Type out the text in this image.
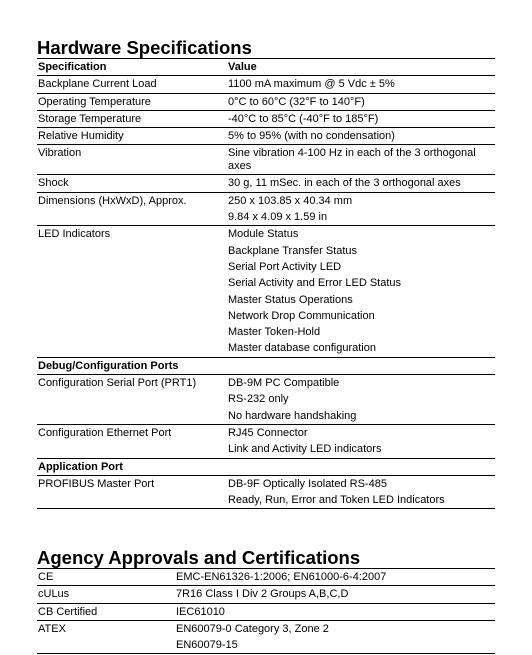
Hardware Specifications
Specification	Value
Backplane Current Load	1100 mA maximum @ 5 Vdc ± 5%
Operating Temperature	0°C to 60°C (32°F to 140°F)
Storage Temperature	-40°C to 85°C (-40°F to 185°F)
Relative Humidity	5% to 95% (with no condensation)
Vibration	Sine vibration 4-100 Hz in each of the 3 orthogonal axes
Shock	30 g, 11 mSec. in each of the 3 orthogonal axes
Dimensions (HxWxD), Approx.	250 x 103.85 x 40.34 mm
9.84 x 4.09 x 1.59 in
LED Indicators	Module Status
Backplane Transfer Status
Serial Port Activity LED
Serial Activity and Error LED Status
Master Status Operations
Network Drop Communication
Master Token-Hold
Master database configuration
Debug/Configuration Ports
Configuration Serial Port (PRT1)	DB-9M PC Compatible
RS-232 only
No hardware handshaking
Configuration Ethernet Port	RJ45 Connector
Link and Activity LED indicators
Application Port
PROFIBUS Master Port	DB-9F Optically Isolated RS-485
Ready, Run, Error and Token LED Indicators
Agency Approvals and Certifications
CE	EMC-EN61326-1:2006; EN61000-6-4:2007
cULus	7R16 Class I Div 2 Groups A,B,C,D
CB Certified	IEC61010
ATEX	EN60079-0 Category 3, Zone 2
EN60079-15
